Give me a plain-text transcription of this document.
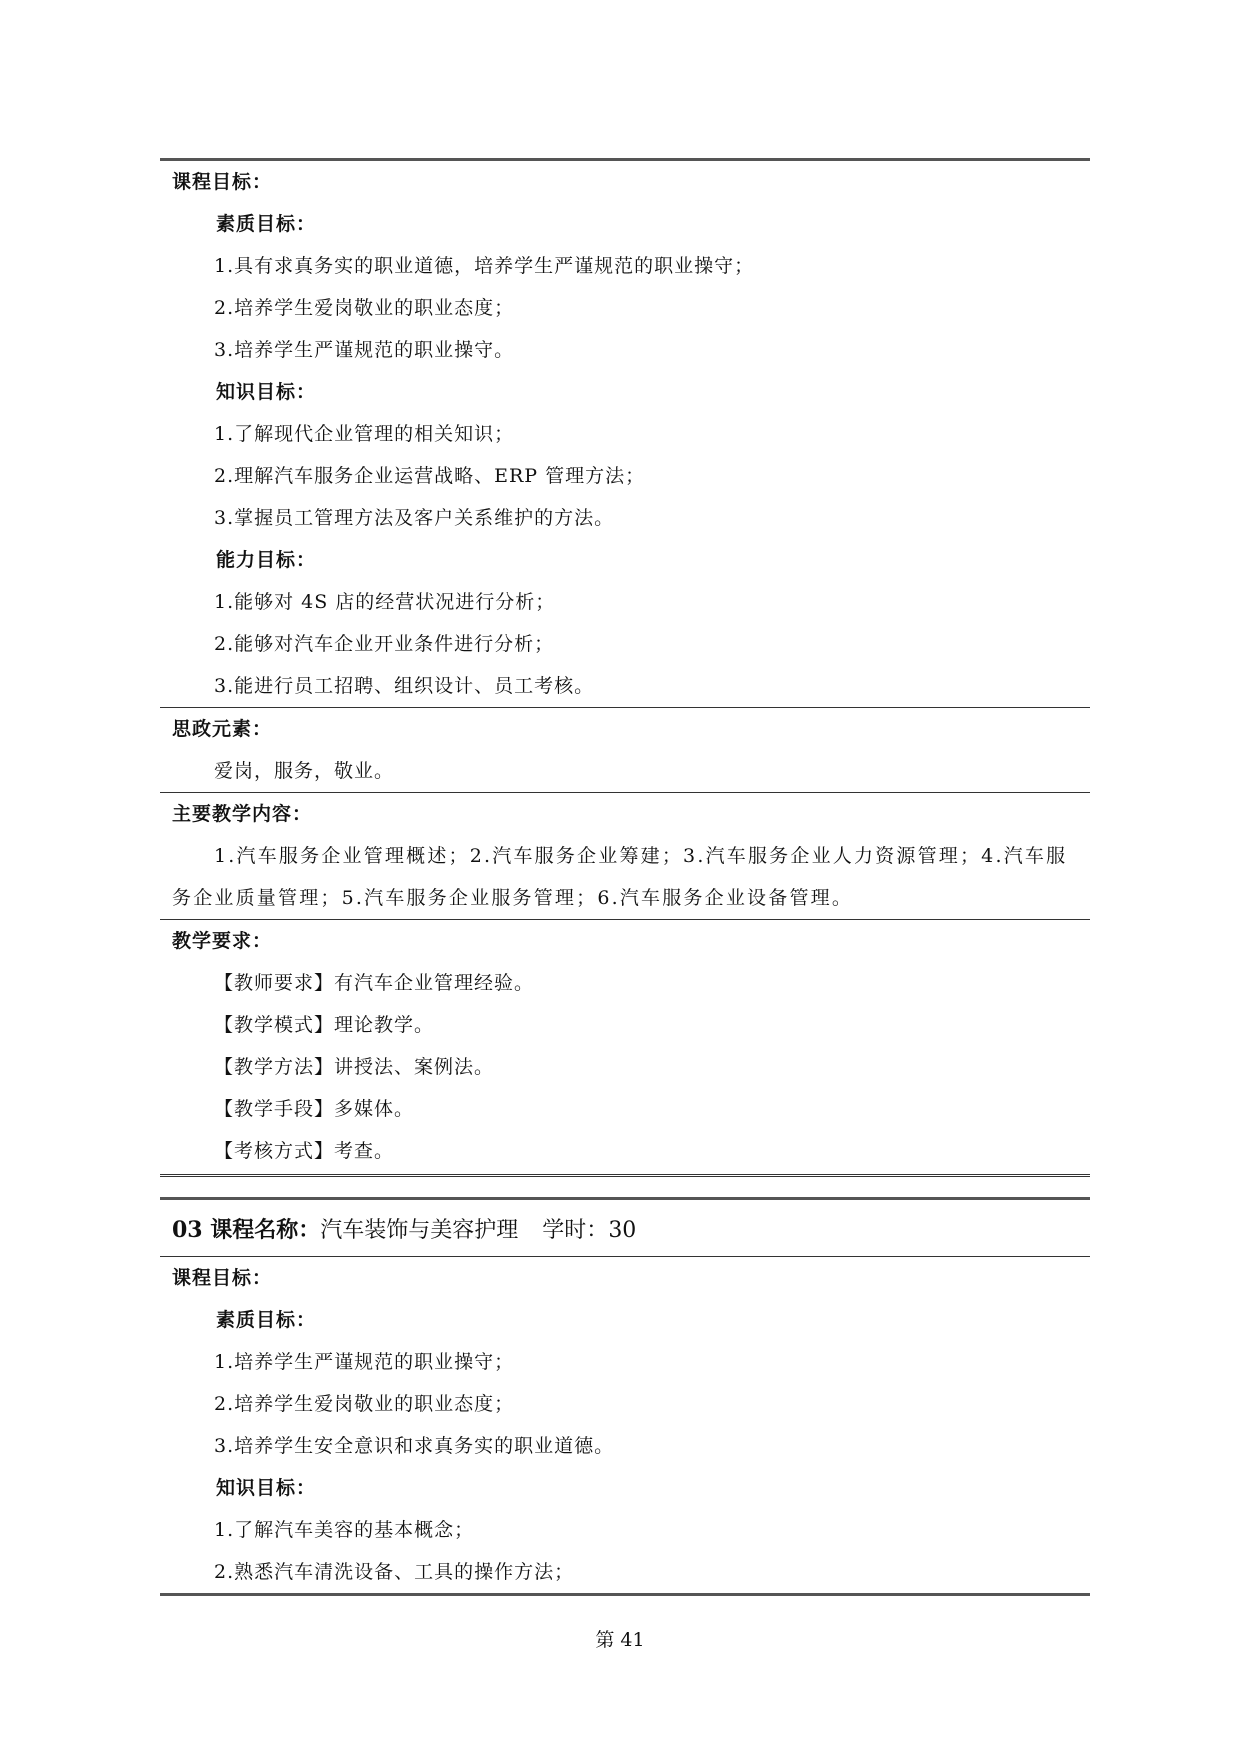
课程目标：
素质目标：
1.具有求真务实的职业道德，培养学生严谨规范的职业操守；
2.培养学生爱岗敬业的职业态度；
3.培养学生严谨规范的职业操守。
知识目标：
1.了解现代企业管理的相关知识；
2.理解汽车服务企业运营战略、ERP 管理方法；
3.掌握员工管理方法及客户关系维护的方法。
能力目标：
1.能够对 4S 店的经营状况进行分析；
2.能够对汽车企业开业条件进行分析；
3.能进行员工招聘、组织设计、员工考核。
思政元素：
爱岗，服务，敬业。
主要教学内容：
1.汽车服务企业管理概述；2.汽车服务企业筹建；3.汽车服务企业人力资源管理；4.汽车服务企业质量管理；5.汽车服务企业服务管理；6.汽车服务企业设备管理。
教学要求：
【教师要求】有汽车企业管理经验。
【教学模式】理论教学。
【教学方法】讲授法、案例法。
【教学手段】多媒体。
【考核方式】考查。
03 课程名称：汽车装饰与美容护理 学时：30
课程目标：
素质目标：
1.培养学生严谨规范的职业操守；
2.培养学生爱岗敬业的职业态度；
3.培养学生安全意识和求真务实的职业道德。
知识目标：
1.了解汽车美容的基本概念；
2.熟悉汽车清洗设备、工具的操作方法；
第 41
